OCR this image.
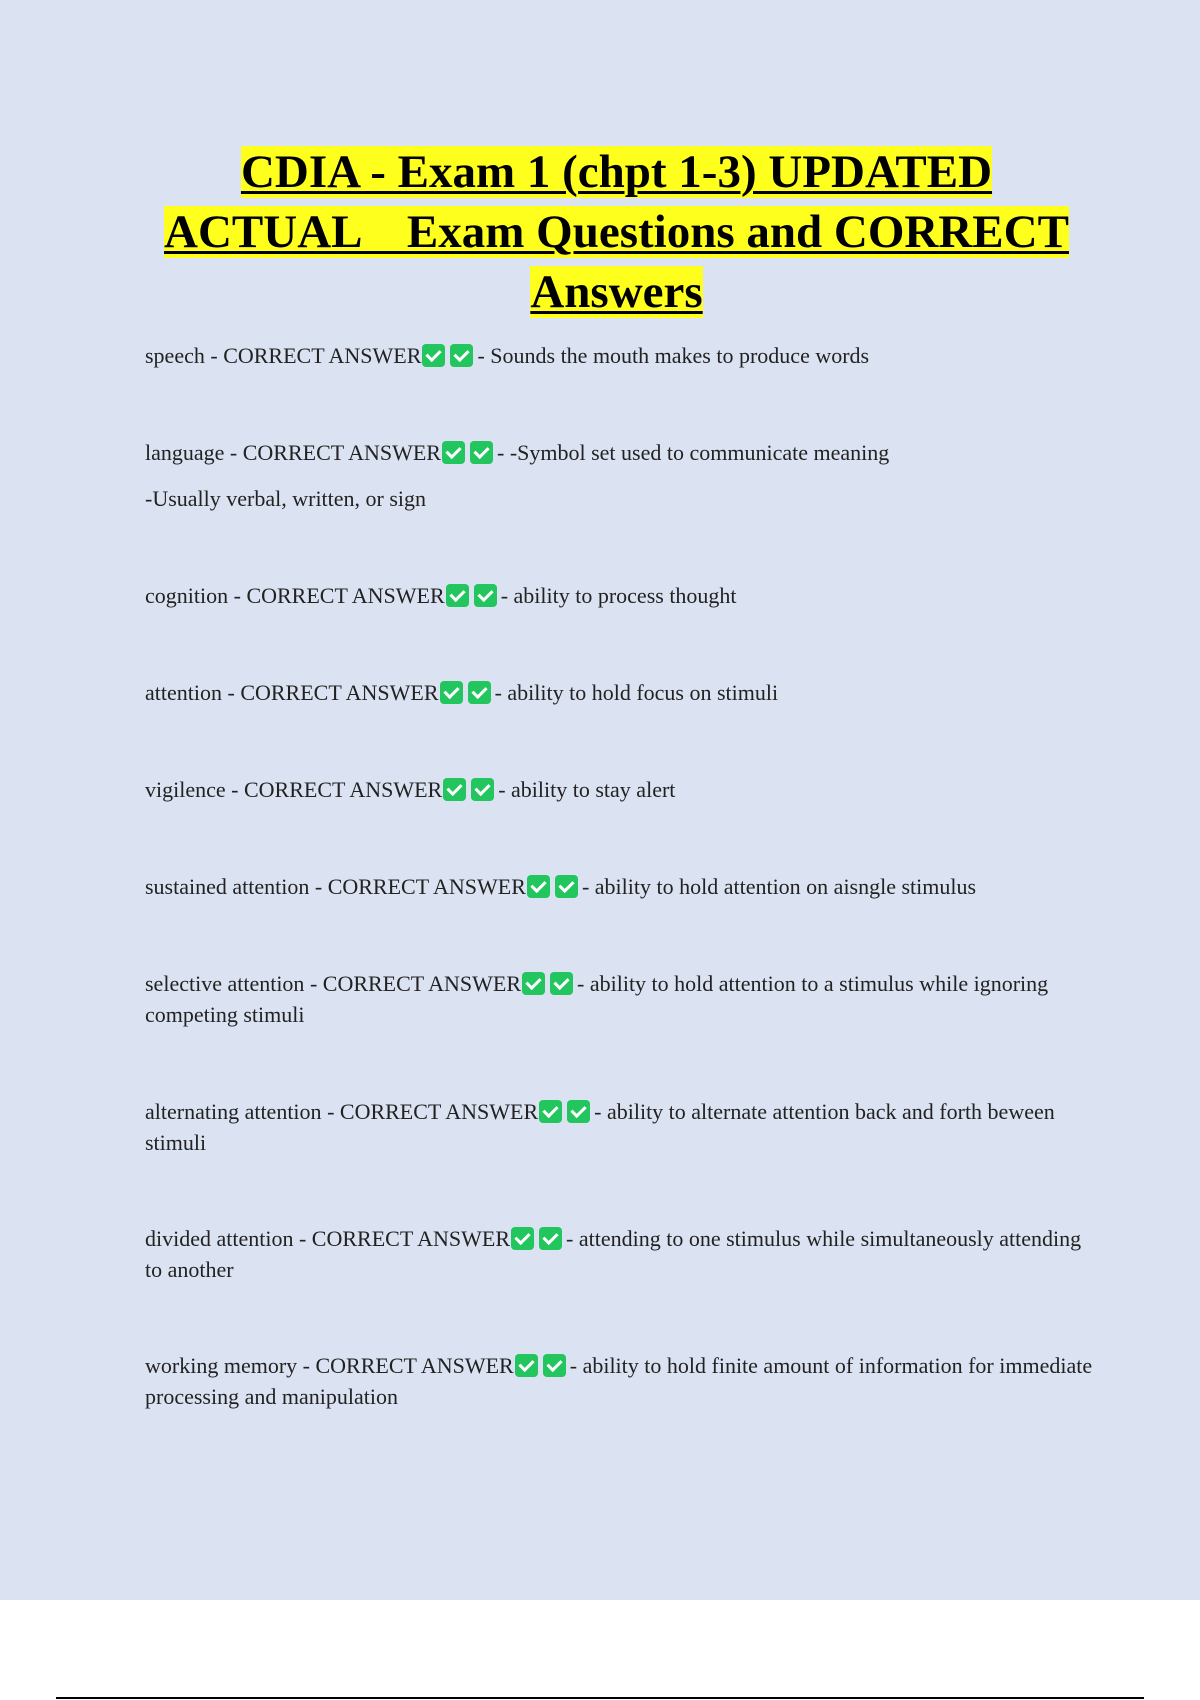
CDIA - Exam 1 (chpt 1-3) UPDATED
ACTUAL    Exam Questions and CORRECT
Answers
speech - CORRECT ANSWER	- Sounds the mouth makes to produce words
language - CORRECT ANSWER	- -Symbol set used to communicate meaning
-Usually verbal, written, or sign
cognition - CORRECT ANSWER	- ability to process thought
attention - CORRECT ANSWER	- ability to hold focus on stimuli
vigilence - CORRECT ANSWER	- ability to stay alert
sustained attention - CORRECT ANSWER	- ability to hold attention on aisngle stimulus
selective attention - CORRECT ANSWER	- ability to hold attention to a stimulus while ignoring competing stimuli
alternating attention - CORRECT ANSWER	- ability to alternate attention back and forth beween stimuli
divided attention - CORRECT ANSWER	- attending to one stimulus while simultaneously attending to another
working memory - CORRECT ANSWER	- ability to hold finite amount of information for immediate processing and manipulation
